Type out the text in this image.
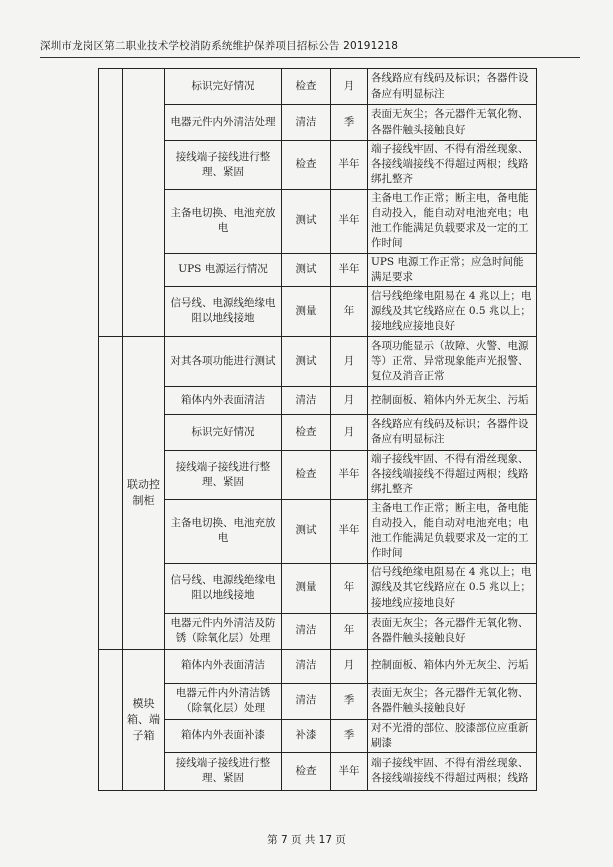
深圳市龙岗区第二职业技术学校消防系统维护保养项目招标公告 20191218
		标识完好情况	检查	月	各线路应有线码及标识；各器件设备应有明显标注
		电器元件内外清洁处理	清洁	季	表面无灰尘；各元器件无氧化物、各器件触头接触良好
		接线端子接线进行整理、紧固	检查	半年	端子接线牢固、不得有滑丝现象、各接线端接线不得超过两根；线路绑扎整齐
		主备电切换、电池充放电	测试	半年	主备电工作正常；断主电，备电能自动投入，能自动对电池充电；电池工作能满足负载要求及一定的工作时间
		UPS 电源运行情况	测试	半年	UPS 电源工作正常；应急时间能满足要求
		信号线、电源线绝缘电阻以地线接地	测量	年	信号线绝缘电阻易在 4 兆以上；电源线及其它线路应在 0.5 兆以上；接地线应接地良好
	联动控制柜	对其各项功能进行测试	测试	月	各项功能显示（故障、火警、电源等）正常、异常现象能声光报警、复位及消音正常
		箱体内外表面清洁	清洁	月	控制面板、箱体内外无灰尘、污垢
		标识完好情况	检查	月	各线路应有线码及标识；各器件设备应有明显标注
		接线端子接线进行整理、紧固	检查	半年	端子接线牢固、不得有滑丝现象、各接线端接线不得超过两根；线路绑扎整齐
		主备电切换、电池充放电	测试	半年	主备电工作正常；断主电，备电能自动投入，能自动对电池充电；电池工作能满足负载要求及一定的工作时间
		信号线、电源线绝缘电阻以地线接地	测量	年	信号线绝缘电阻易在 4 兆以上；电源线及其它线路应在 0.5 兆以上；接地线应接地良好
		电器元件内外清洁及防锈（除氧化层）处理	清洁	年	表面无灰尘；各元器件无氧化物、各器件触头接触良好
	模块箱、端子箱	箱体内外表面清洁	清洁	月	控制面板、箱体内外无灰尘、污垢
		电器元件内外清洁锈（除氧化层）处理	清洁	季	表面无灰尘；各元器件无氧化物、各器件触头接触良好
		箱体内外表面补漆	补漆	季	对不光滑的部位、胶漆部位应重新刷漆
		接线端子接线进行整理、紧固	检查	半年	端子接线牢固、不得有滑丝现象、各接线端接线不得超过两根；线路
第 7 页 共 17 页
